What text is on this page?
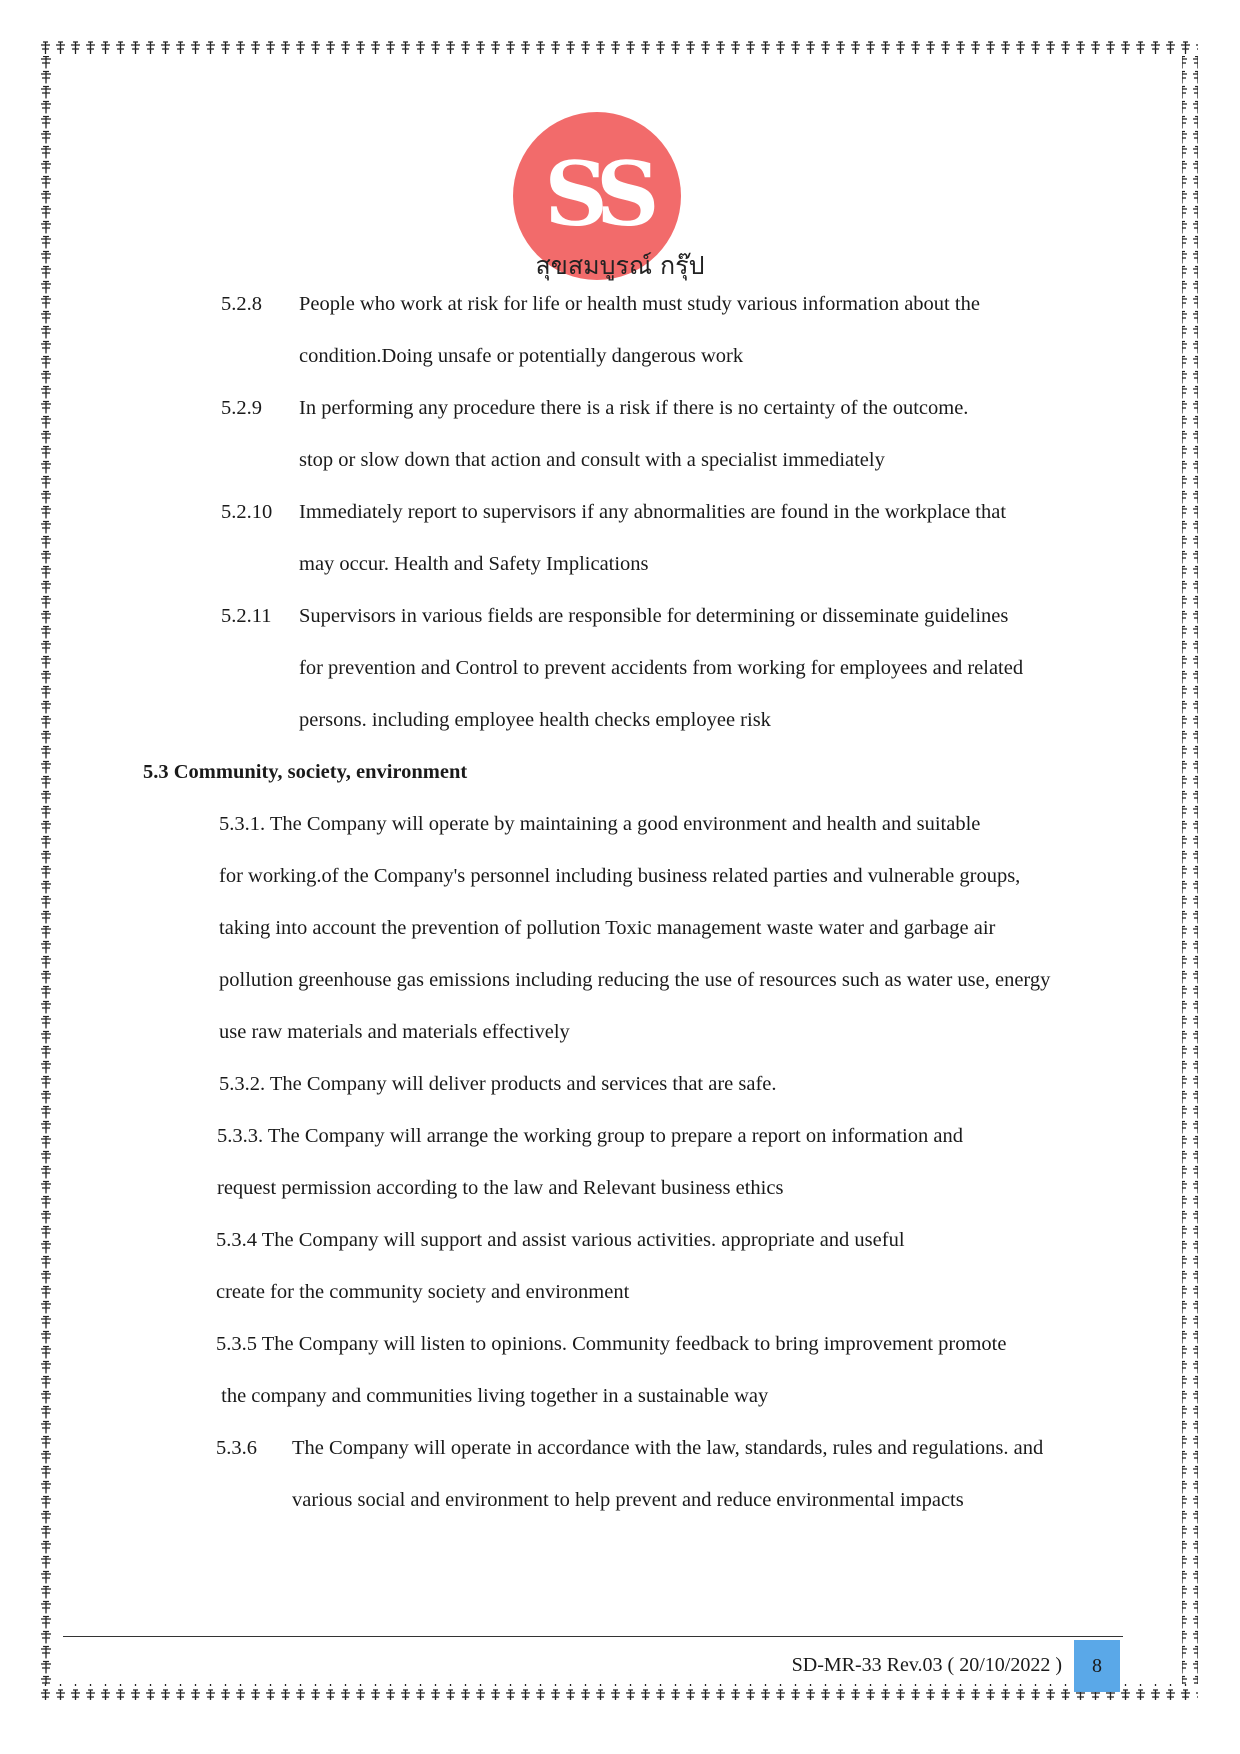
SS
สุขสมบูรณ์ กรุ๊ป
5.2.8 People who work at risk for life or health must study various information about the
condition.Doing unsafe or potentially dangerous work
5.2.9 In performing any procedure there is a risk if there is no certainty of the outcome.
stop or slow down that action and consult with a specialist immediately
5.2.10 Immediately report to supervisors if any abnormalities are found in the workplace that
may occur. Health and Safety Implications
5.2.11 Supervisors in various fields are responsible for determining or disseminate guidelines
for prevention and Control to prevent accidents from working for employees and related
persons. including employee health checks employee risk
5.3 Community, society, environment
5.3.1. The Company will operate by maintaining a good environment and health and suitable
for working.of the Company's personnel including business related parties and vulnerable groups,
taking into account the prevention of pollution Toxic management waste water and garbage air
pollution greenhouse gas emissions including reducing the use of resources such as water use, energy
use raw materials and materials effectively
5.3.2. The Company will deliver products and services that are safe.
5.3.3. The Company will arrange the working group to prepare a report on information and
request permission according to the law and Relevant business ethics
5.3.4 The Company will support and assist various activities. appropriate and useful
create for the community society and environment
5.3.5 The Company will listen to opinions. Community feedback to bring improvement promote
the company and communities living together in a sustainable way
5.3.6 The Company will operate in accordance with the law, standards, rules and regulations. and
various social and environment to help prevent and reduce environmental impacts
SD-MR-33 Rev.03 ( 20/10/2022 ) 8
